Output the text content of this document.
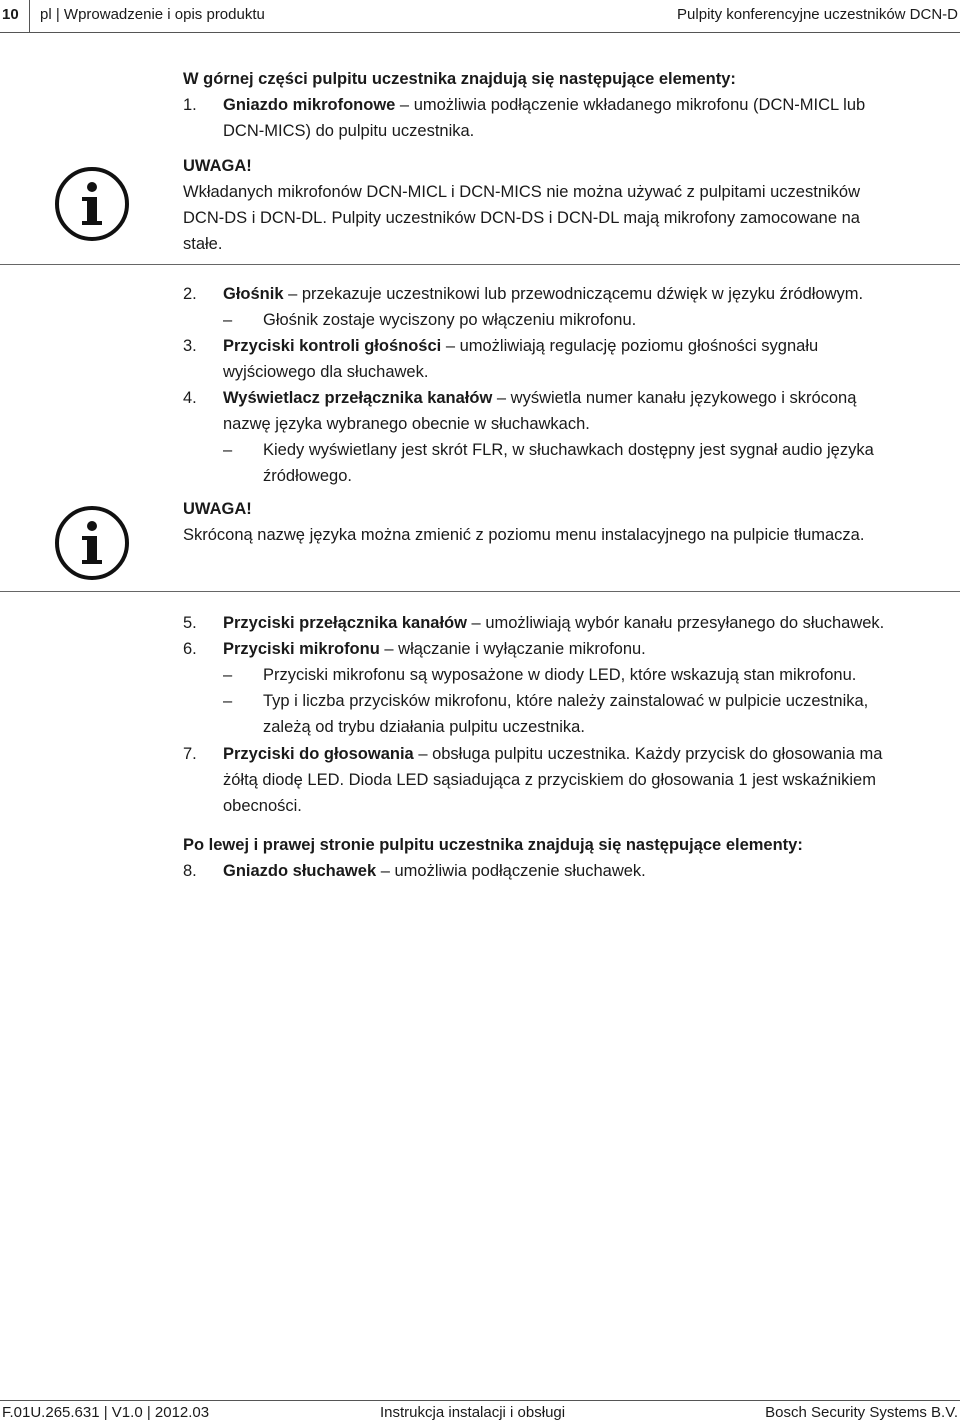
10 pl | Wprowadzenie i opis produktu	Pulpity konferencyjne uczestników DCN-D
W górnej części pulpitu uczestnika znajdują się następujące elementy:
1. Gniazdo mikrofonowe – umożliwia podłączenie wkładanego mikrofonu (DCN-MICL lub
DCN-MICS) do pulpitu uczestnika.
UWAGA!
Wkładanych mikrofonów DCN-MICL i DCN-MICS nie można używać z pulpitami uczestników
DCN-DS i DCN-DL. Pulpity uczestników DCN-DS i DCN-DL mają mikrofony zamocowane na
stałe.
2. Głośnik – przekazuje uczestnikowi lub przewodniczącemu dźwięk w języku źródłowym.
– Głośnik zostaje wyciszony po włączeniu mikrofonu.
3. Przyciski kontroli głośności – umożliwiają regulację poziomu głośności sygnału
wyjściowego dla słuchawek.
4. Wyświetlacz przełącznika kanałów – wyświetla numer kanału językowego i skróconą
nazwę języka wybranego obecnie w słuchawkach.
– Kiedy wyświetlany jest skrót FLR, w słuchawkach dostępny jest sygnał audio języka
źródłowego.
UWAGA!
Skróconą nazwę języka można zmienić z poziomu menu instalacyjnego na pulpicie tłumacza.
5. Przyciski przełącznika kanałów – umożliwiają wybór kanału przesyłanego do słuchawek.
6. Przyciski mikrofonu – włączanie i wyłączanie mikrofonu.
– Przyciski mikrofonu są wyposażone w diody LED, które wskazują stan mikrofonu.
– Typ i liczba przycisków mikrofonu, które należy zainstalować w pulpicie uczestnika,
zależą od trybu działania pulpitu uczestnika.
7. Przyciski do głosowania – obsługa pulpitu uczestnika. Każdy przycisk do głosowania ma
żółtą diodę LED. Dioda LED sąsiadująca z przyciskiem do głosowania 1 jest wskaźnikiem
obecności.
Po lewej i prawej stronie pulpitu uczestnika znajdują się następujące elementy:
8. Gniazdo słuchawek – umożliwia podłączenie słuchawek.
F.01U.265.631 | V1.0 | 2012.03	Instrukcja instalacji i obsługi	Bosch Security Systems B.V.
